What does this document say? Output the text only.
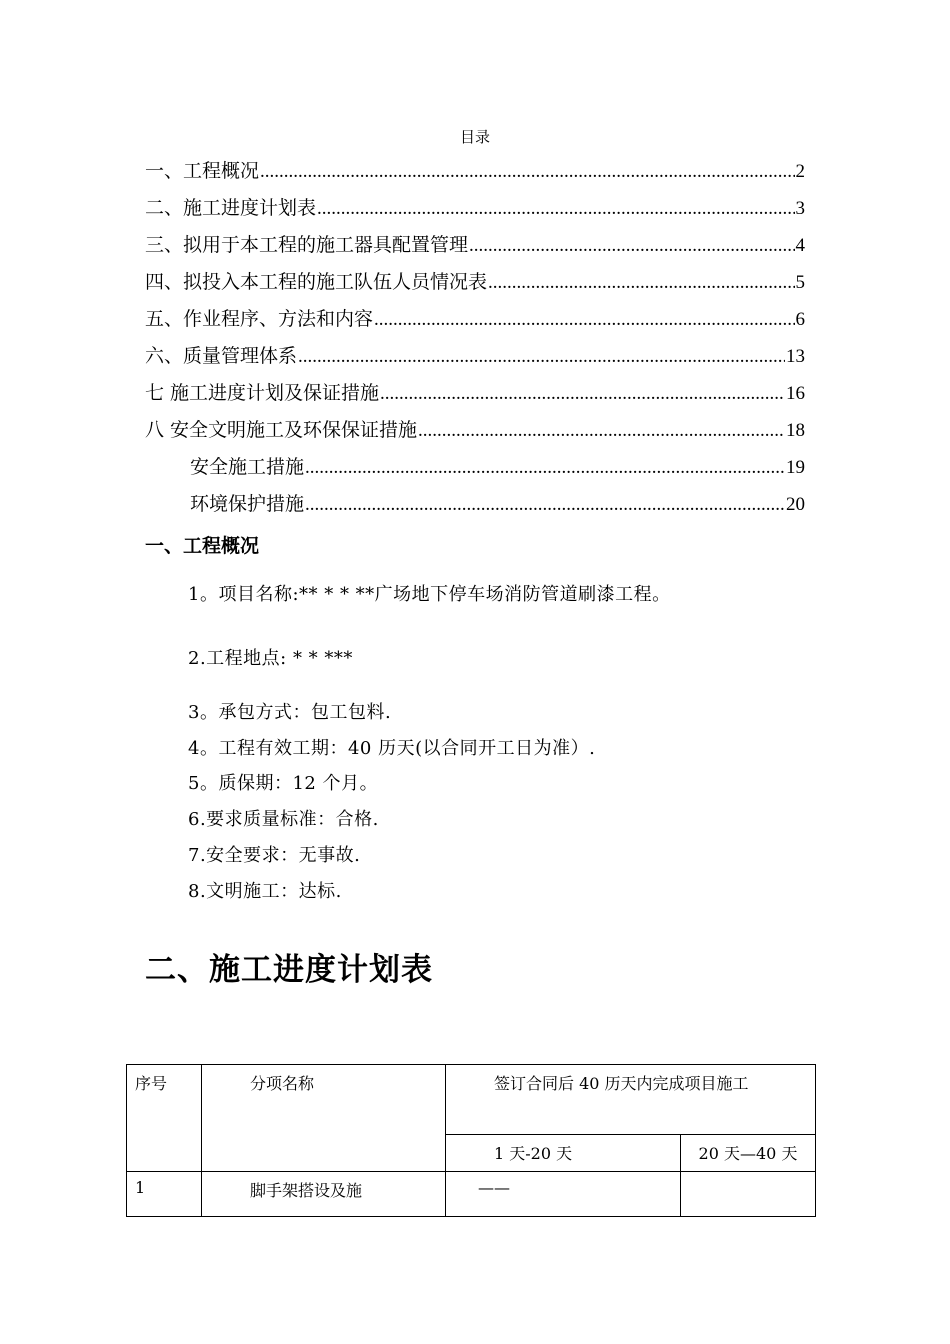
目录
一、工程概况 .....	2
二、施工进度计划表 .....	3
三、拟用于本工程的施工器具配置管理 .....	4
四、拟投入本工程的施工队伍人员情况表 .....	5
五、作业程序、方法和内容 .....	6
六、质量管理体系 .....	13
七 施工进度计划及保证措施 .....	16
八 安全文明施工及环保保证措施 .....	18
安全施工措施 .....	19
环境保护措施 .....	20
一、工程概况
1。项目名称:** * * **广场地下停车场消防管道刷漆工程。
2.工程地点: * * ***
3。承包方式：包工包料.
4。工程有效工期：40 历天(以合同开工日为准）.
5。质保期：12 个月。
6.要求质量标准：合格.
7.安全要求：无事故.
8.文明施工：达标.
二、施工进度计划表
序号	分项名称	签订合同后 40 历天内完成项目施工	
		1 天-20 天	20 天—40 天
1	脚手架搭设及施	——	
